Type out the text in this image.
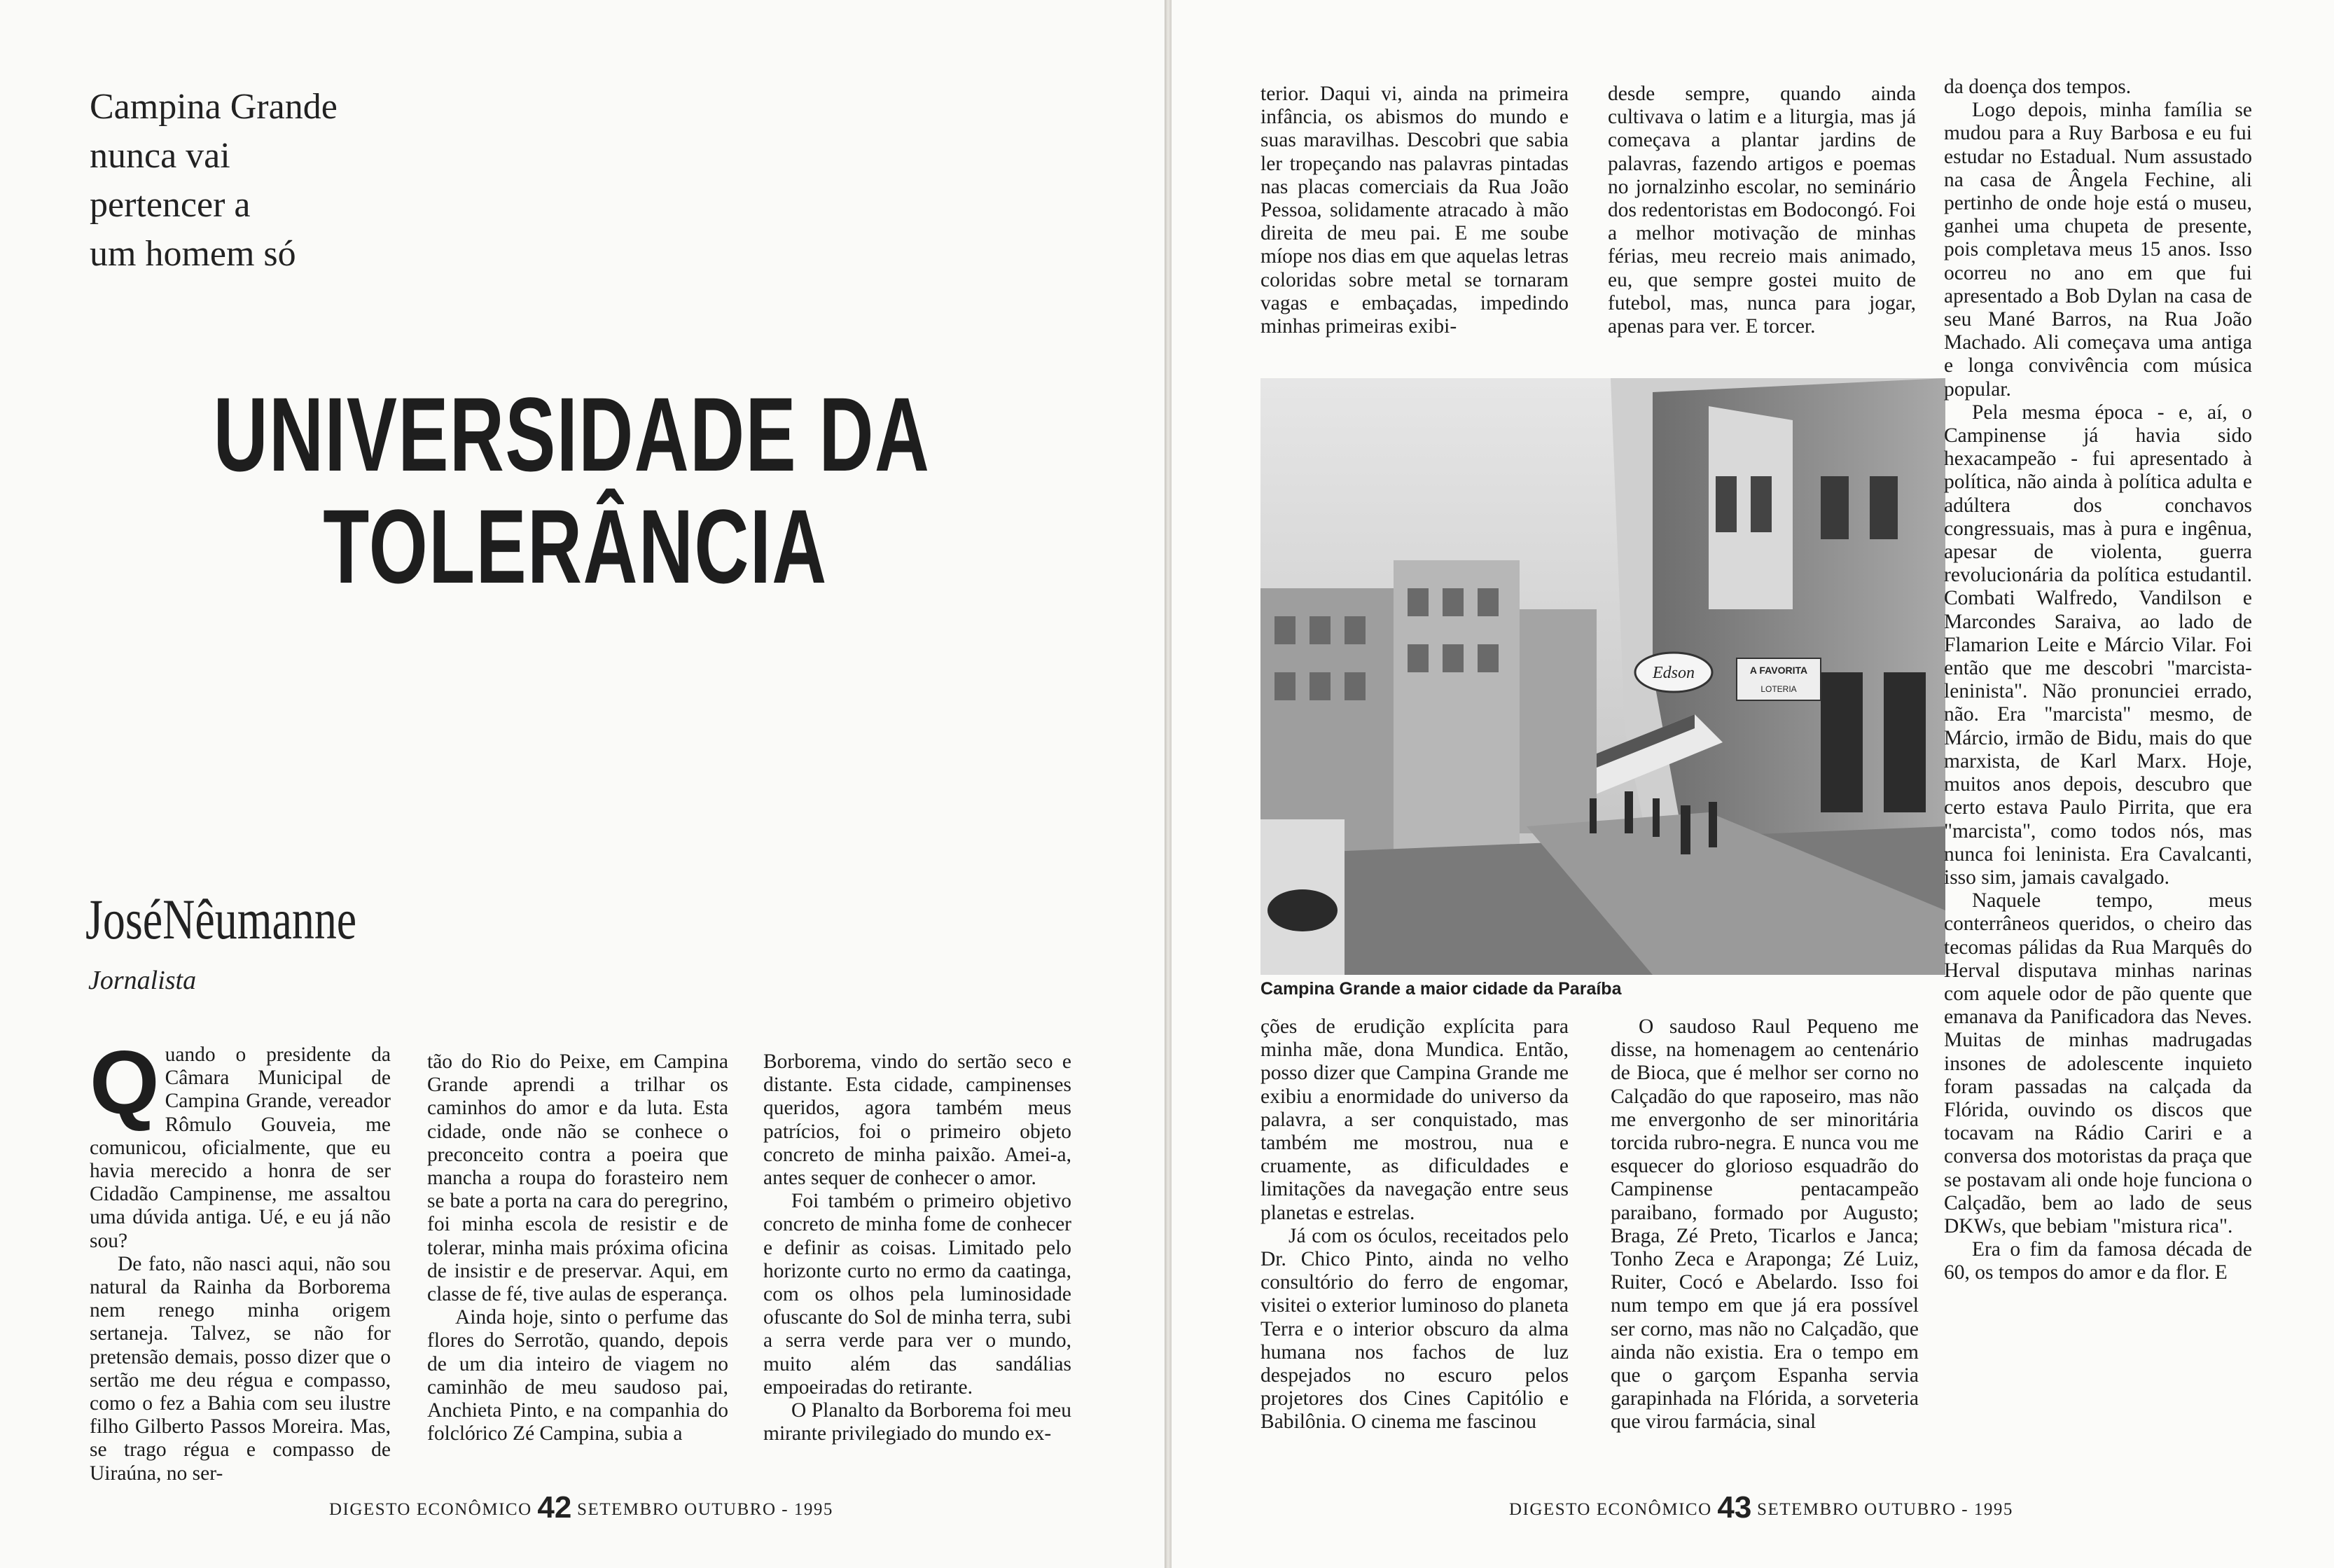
Campina Grande
nunca vai
pertencer a
um homem só
UNIVERSIDADE DA
TOLERÂNCIA
JoséNêumanne
Jornalista
Q uando o presidente da Câmara Municipal de Campina Grande, vereador Rômulo Gouveia, me comunicou, oficialmente, que eu havia merecido a honra de ser Cidadão Campinense, me assaltou uma dúvida antiga. Ué, e eu já não sou?

De fato, não nasci aqui, não sou natural da Rainha da Borborema nem renego minha origem sertaneja. Talvez, se não for pretensão demais, posso dizer que o sertão me deu régua e compasso, como o fez a Bahia com seu ilustre filho Gilberto Passos Moreira. Mas, se trago régua e compasso de Uiraúna, no ser-

tão do Rio do Peixe, em Campina Grande aprendi a trilhar os caminhos do amor e da luta. Esta cidade, onde não se conhece o preconceito contra a poeira que mancha a roupa do forasteiro nem se bate a porta na cara do peregrino, foi minha escola de resistir e de tolerar, minha mais próxima oficina de insistir e de preservar. Aqui, em classe de fé, tive aulas de esperança.

Ainda hoje, sinto o perfume das flores do Serrotão, quando, depois de um dia inteiro de viagem no caminhão de meu saudoso pai, Anchieta Pinto, e na companhia do folclórico Zé Campina, subia a

Borborema, vindo do sertão seco e distante. Esta cidade, campinenses queridos, agora também meus patrícios, foi o primeiro objeto concreto de minha paixão. Amei-a, antes sequer de conhecer o amor.

Foi também o primeiro objetivo concreto de minha fome de conhecer e definir as coisas. Limitado pelo horizonte curto no ermo da caatinga, com os olhos pela luminosidade ofuscante do Sol de minha terra, subi a serra verde para ver o mundo, muito além das sandálias empoeiradas do retirante.

O Planalto da Borborema foi meu mirante privilegiado do mundo ex-

DIGESTO ECONÔMICO 42 SETEMBRO OUTUBRO - 1995

terior. Daqui vi, ainda na primeira infância, os abismos do mundo e suas maravilhas. Descobri que sabia ler tropeçando nas palavras pintadas nas placas comerciais da Rua João Pessoa, solidamente atracado à mão direita de meu pai. E me soube míope nos dias em que aquelas letras coloridas sobre metal se tornaram vagas e embaçadas, impedindo minhas primeiras exibi-

desde sempre, quando ainda cultivava o latim e a liturgia, mas já começava a plantar jardins de palavras, fazendo artigos e poemas no jornalzinho escolar, no seminário dos redentoristas em Bodocongó. Foi a melhor motivação de minhas férias, meu recreio mais animado, eu, que sempre gostei muito de futebol, mas, nunca para jogar, apenas para ver. E torcer.

Edson	A FAVORITA
LOTERIA
Campina Grande a maior cidade da Paraíba

da doença dos tempos.

Logo depois, minha família se mudou para a Ruy Barbosa e eu fui estudar no Estadual. Num assustado na casa de Ângela Fechine, ali pertinho de onde hoje está o museu, ganhei uma chupeta de presente, pois completava meus 15 anos. Isso ocorreu no ano em que fui apresentado a Bob Dylan na casa de seu Mané Barros, na Rua João Machado. Ali começava uma antiga e longa convivência com música popular.

Pela mesma época - e, aí, o Campinense já havia sido hexacampeão - fui apresentado à política, não ainda à política adulta e adúltera dos conchavos congressuais, mas à pura e ingênua, apesar de violenta, guerra revolucionária da política estudantil. Combati Walfredo, Vandilson e Marcondes Saraiva, ao lado de Flamarion Leite e Márcio Vilar. Foi então que me descobri "marcista-leninista". Não pronunciei errado, não. Era "marcista" mesmo, de Márcio, irmão de Bidu, mais do que marxista, de Karl Marx. Hoje, muitos anos depois, descubro que certo estava Paulo Pirrita, que era "marcista", como todos nós, mas nunca foi leninista. Era Cavalcanti, isso sim, jamais cavalgado.

Naquele tempo, meus conterrâneos queridos, o cheiro das tecomas pálidas da Rua Marquês do Herval disputava minhas narinas com aquele odor de pão quente que emanava da Panificadora das Neves. Muitas de minhas madrugadas insones de adolescente inquieto foram passadas na calçada da Flórida, ouvindo os discos que tocavam na Rádio Cariri e a conversa dos motoristas da praça que se postavam ali onde hoje funciona o Calçadão, bem ao lado de seus DKWs, que bebiam "mistura rica".

Era o fim da famosa década de 60, os tempos do amor e da flor. E

ções de erudição explícita para minha mãe, dona Mundica. Então, posso dizer que Campina Grande me exibiu a enormidade do universo da palavra, a ser conquistado, mas também me mostrou, nua e cruamente, as dificuldades e limitações da navegação entre seus planetas e estrelas.

Já com os óculos, receitados pelo Dr. Chico Pinto, ainda no velho consultório do ferro de engomar, visitei o exterior luminoso do planeta Terra e o interior obscuro da alma humana nos fachos de luz despejados no escuro pelos projetores dos Cines Capitólio e Babilônia. O cinema me fascinou

O saudoso Raul Pequeno me disse, na homenagem ao centenário de Bioca, que é melhor ser corno no Calçadão do que raposeiro, mas não me envergonho de ser minoritária torcida rubro-negra. E nunca vou me esquecer do glorioso esquadrão do Campinense pentacampeão paraibano, formado por Augusto; Braga, Zé Preto, Ticarlos e Janca; Tonho Zeca e Araponga; Zé Luiz, Ruiter, Cocó e Abelardo. Isso foi num tempo em que já era possível ser corno, mas não no Calçadão, que ainda não existia. Era o tempo em que o garçom Espanha servia garapinhada na Flórida, a sorveteria que virou farmácia, sinal

DIGESTO ECONÔMICO 43 SETEMBRO OUTUBRO - 1995
